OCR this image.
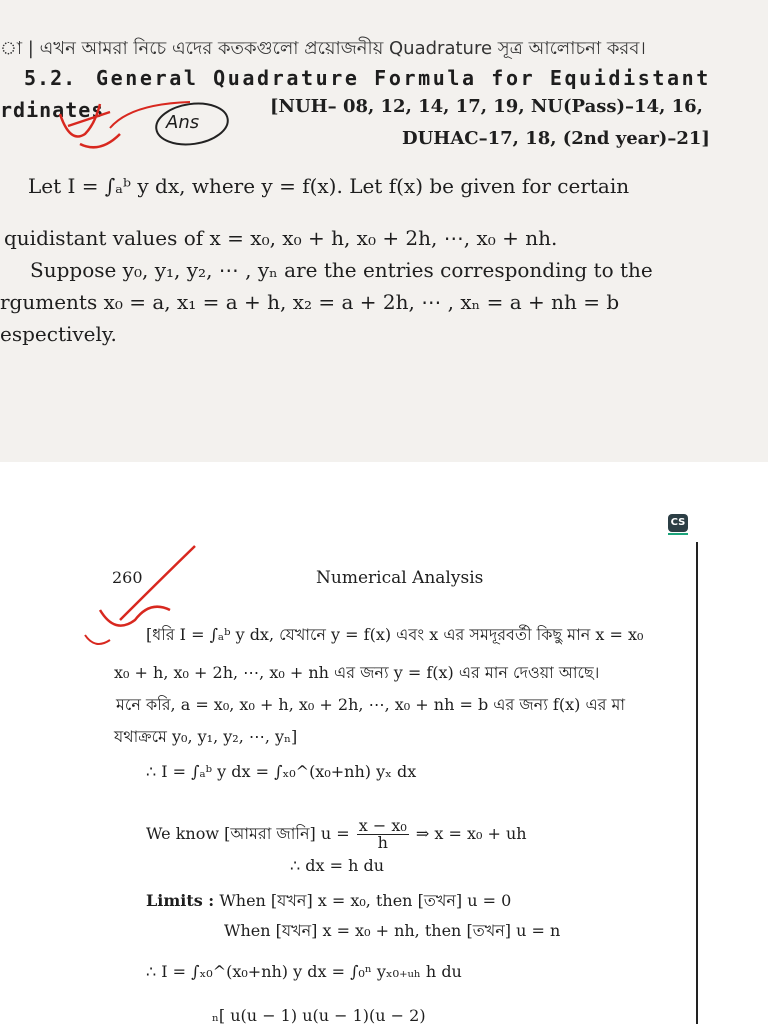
া | এখন আমরা নিচে এদের কতকগুলো প্রয়োজনীয় Quadrature সূত্র আলোচনা করব।
5.2. General Quadrature Formula for Equidistant
rdinates	[NUH– 08, 12, 14, 17, 19, NU(Pass)–14, 16,
DUHAC–17, 18, (2nd year)–21]
Ans
Let I = ∫ₐᵇ y dx, where y = f(x). Let f(x) be given for certain
quidistant values of x = x₀, x₀ + h, x₀ + 2h, ⋯, x₀ + nh.
Suppose y₀, y₁, y₂, ⋯ , yₙ are the entries corresponding to the
rguments x₀ = a, x₁ = a + h, x₂ = a + 2h, ⋯ , xₙ = a + nh = b
espectively.
CS
260	Numerical Analysis
[ধরি I = ∫ₐᵇ y dx, যেখানে y = f(x) এবং x এর সমদূরবর্তী কিছু মান x = x₀
x₀ + h, x₀ + 2h, ⋯, x₀ + nh এর জন্য y = f(x) এর মান দেওয়া আছে।
মনে করি, a = x₀, x₀ + h, x₀ + 2h, ⋯, x₀ + nh = b এর জন্য f(x) এর মা
যথাক্রমে y₀, y₁, y₂, ⋯, yₙ]
∴ I = ∫ₐᵇ y dx = ∫ₓ₀^(x₀+nh) yₓ dx
We know [আমরা জানি] $u = \frac{\text{x − x₀}}{h}$ ⇒ x = x₀ + uh
∴ dx = h du
Limits : When [যখন] x = x₀, then [তখন] u = 0
When [যখন] x = x₀ + nh, then [তখন] u = n
∴ I = ∫ₓ₀^(x₀+nh) y dx = ∫₀ⁿ yₓ₀₊ᵤₕ h du
ₙ[ u(u − 1) u(u − 1)(u − 2)
